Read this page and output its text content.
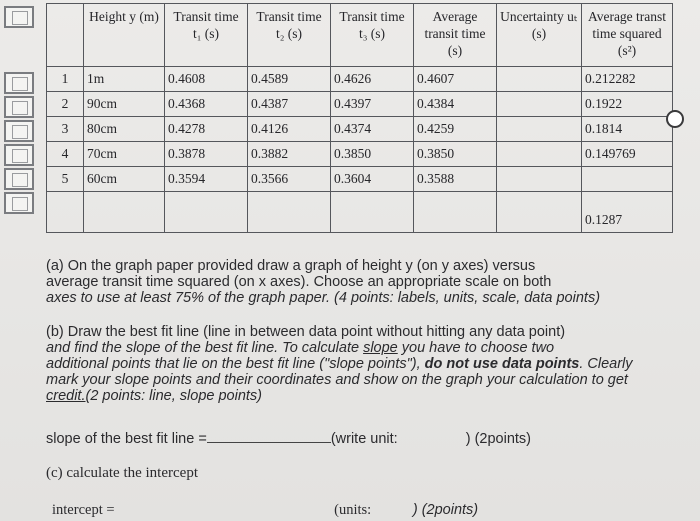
	Height y (m)	Transit time t₁ (s)	Transit time t₂ (s)	Transit time t₃ (s)	Average transit time (s)	Uncertainty uₜ (s)	Average transt time squared (s²)
1	1m	0.4608	0.4589	0.4626	0.4607		0.212282
2	90cm	0.4368	0.4387	0.4397	0.4384		0.1922
3	80cm	0.4278	0.4126	0.4374	0.4259		0.1814
4	70cm	0.3878	0.3882	0.3850	0.3850		0.149769
5	60cm	0.3594	0.3566	0.3604	0.3588		
							0.1287
(a) On the graph paper provided draw a graph of height y (on y axes) versus
average transit time squared (on x axes). Choose an appropriate scale on both
axes to use at least 75% of the graph paper. (4 points: labels, units, scale, data points)
(b) Draw the best fit line (line in between data point without hitting any data point)
and find the slope of the best fit line. To calculate slope you have to choose two
additional points that lie on the best fit line ("slope points"), do not use data points. Clearly
mark your slope points and their coordinates and show on the graph your calculation to get
credit.(2 points: line, slope points)
slope of the best fit line =	(write unit:	) (2points)
(c) calculate the intercept
intercept =	(units:	) (2points)
